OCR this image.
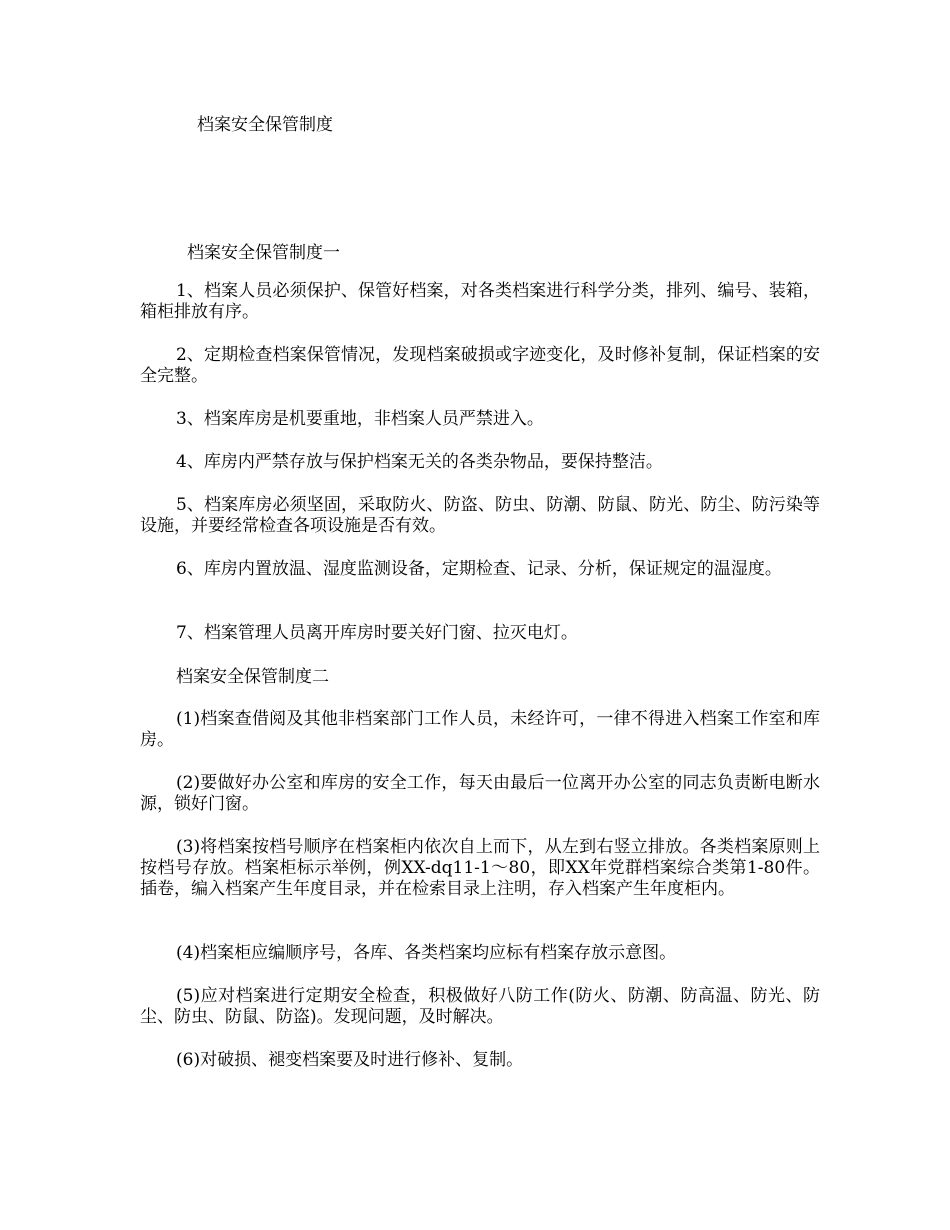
档案安全保管制度
档案安全保管制度一

1、档案人员必须保护、保管好档案，对各类档案进行科学分类，排列、编号、装箱，箱柜排放有序。

2、定期检查档案保管情况，发现档案破损或字迹变化，及时修补复制，保证档案的安全完整。

3、档案库房是机要重地，非档案人员严禁进入。

4、库房内严禁存放与保护档案无关的各类杂物品，要保持整洁。

5、档案库房必须坚固，采取防火、防盗、防虫、防潮、防鼠、防光、防尘、防污染等设施，并要经常检查各项设施是否有效。

6、库房内置放温、湿度监测设备，定期检查、记录、分析，保证规定的温湿度。

7、档案管理人员离开库房时要关好门窗、拉灭电灯。

档案安全保管制度二

(1)档案查借阅及其他非档案部门工作人员，未经许可，一律不得进入档案工作室和库房。

(2)要做好办公室和库房的安全工作，每天由最后一位离开办公室的同志负责断电断水源，锁好门窗。

(3)将档案按档号顺序在档案柜内依次自上而下，从左到右竖立排放。各类档案原则上按档号存放。档案柜标示举例，例XX-dq11-1～80，即XX年党群档案综合类第1-80件。插卷，编入档案产生年度目录，并在检索目录上注明，存入档案产生年度柜内。

(4)档案柜应编顺序号，各库、各类档案均应标有档案存放示意图。

(5)应对档案进行定期安全检查，积极做好八防工作(防火、防潮、防高温、防光、防尘、防虫、防鼠、防盗)。发现问题，及时解决。

(6)对破损、褪变档案要及时进行修补、复制。
